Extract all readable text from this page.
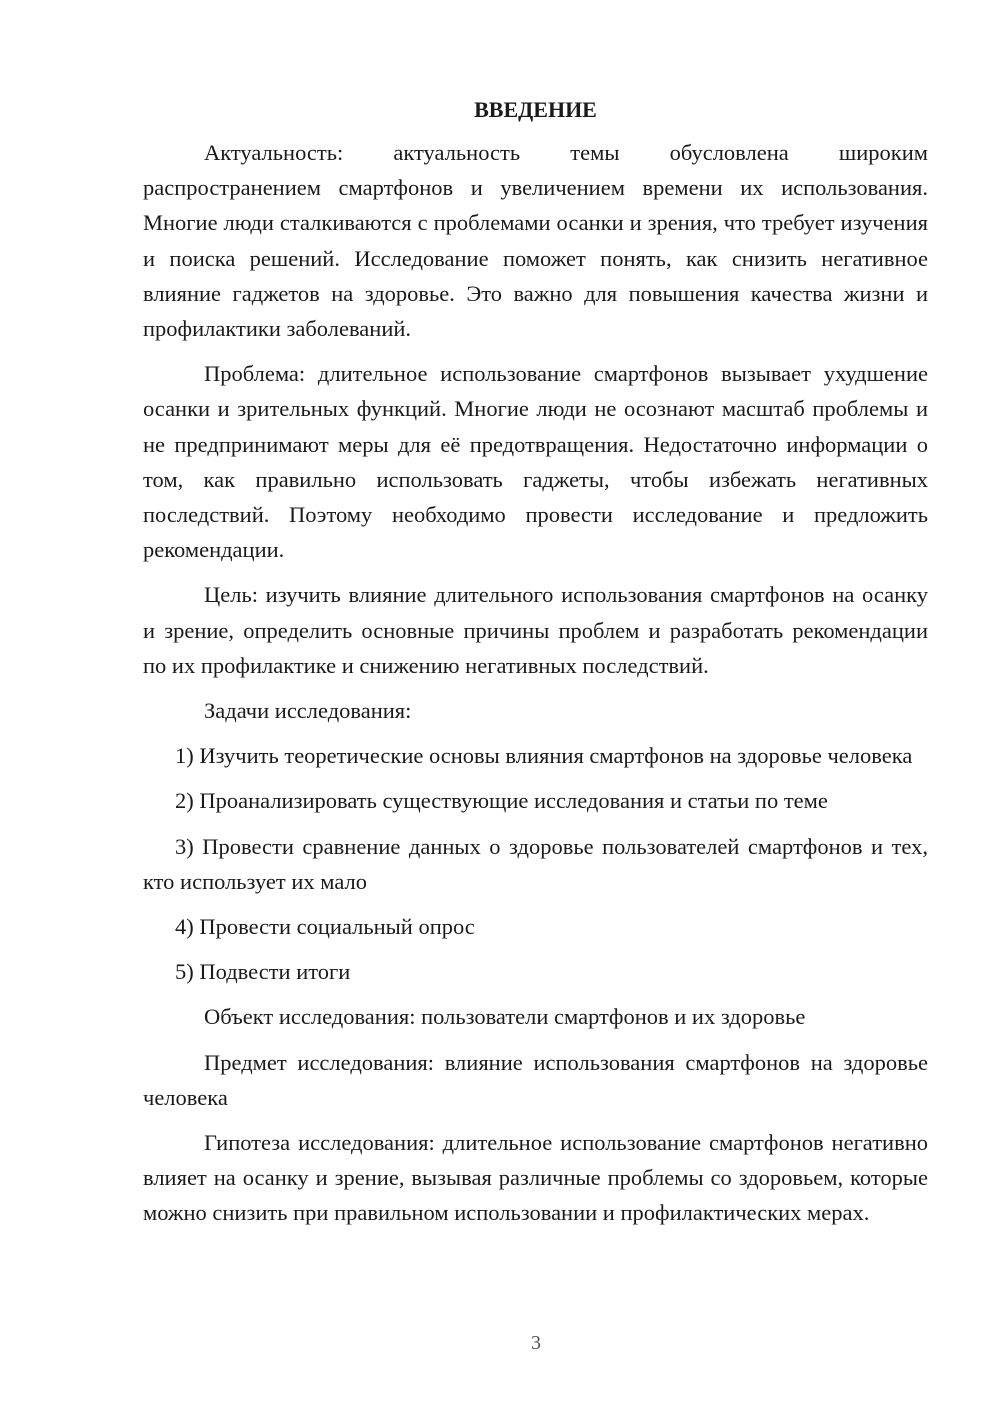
ВВЕДЕНИЕ

Актуальность: актуальность темы обусловлена широким распространением смартфонов и увеличением времени их использования. Многие люди сталкиваются с проблемами осанки и зрения, что требует изучения и поиска решений. Исследование поможет понять, как снизить негативное влияние гаджетов на здоровье. Это важно для повышения качества жизни и профилактики заболеваний.

Проблема: длительное использование смартфонов вызывает ухудшение осанки и зрительных функций. Многие люди не осознают масштаб проблемы и не предпринимают меры для её предотвращения. Недостаточно информации о том, как правильно использовать гаджеты, чтобы избежать негативных последствий. Поэтому необходимо провести исследование и предложить рекомендации.

Цель: изучить влияние длительного использования смартфонов на осанку и зрение, определить основные причины проблем и разработать рекомендации по их профилактике и снижению негативных последствий.

Задачи исследования:

1) Изучить теоретические основы влияния смартфонов на здоровье человека

2) Проанализировать существующие исследования и статьи по теме

3) Провести сравнение данных о здоровье пользователей смартфонов и тех, кто использует их мало

4) Провести социальный опрос

5) Подвести итоги

Объект исследования: пользователи смартфонов и их здоровье

Предмет исследования: влияние использования смартфонов на здоровье человека

Гипотеза исследования: длительное использование смартфонов негативно влияет на осанку и зрение, вызывая различные проблемы со здоровьем, которые можно снизить при правильном использовании и профилактических мерах.

3
